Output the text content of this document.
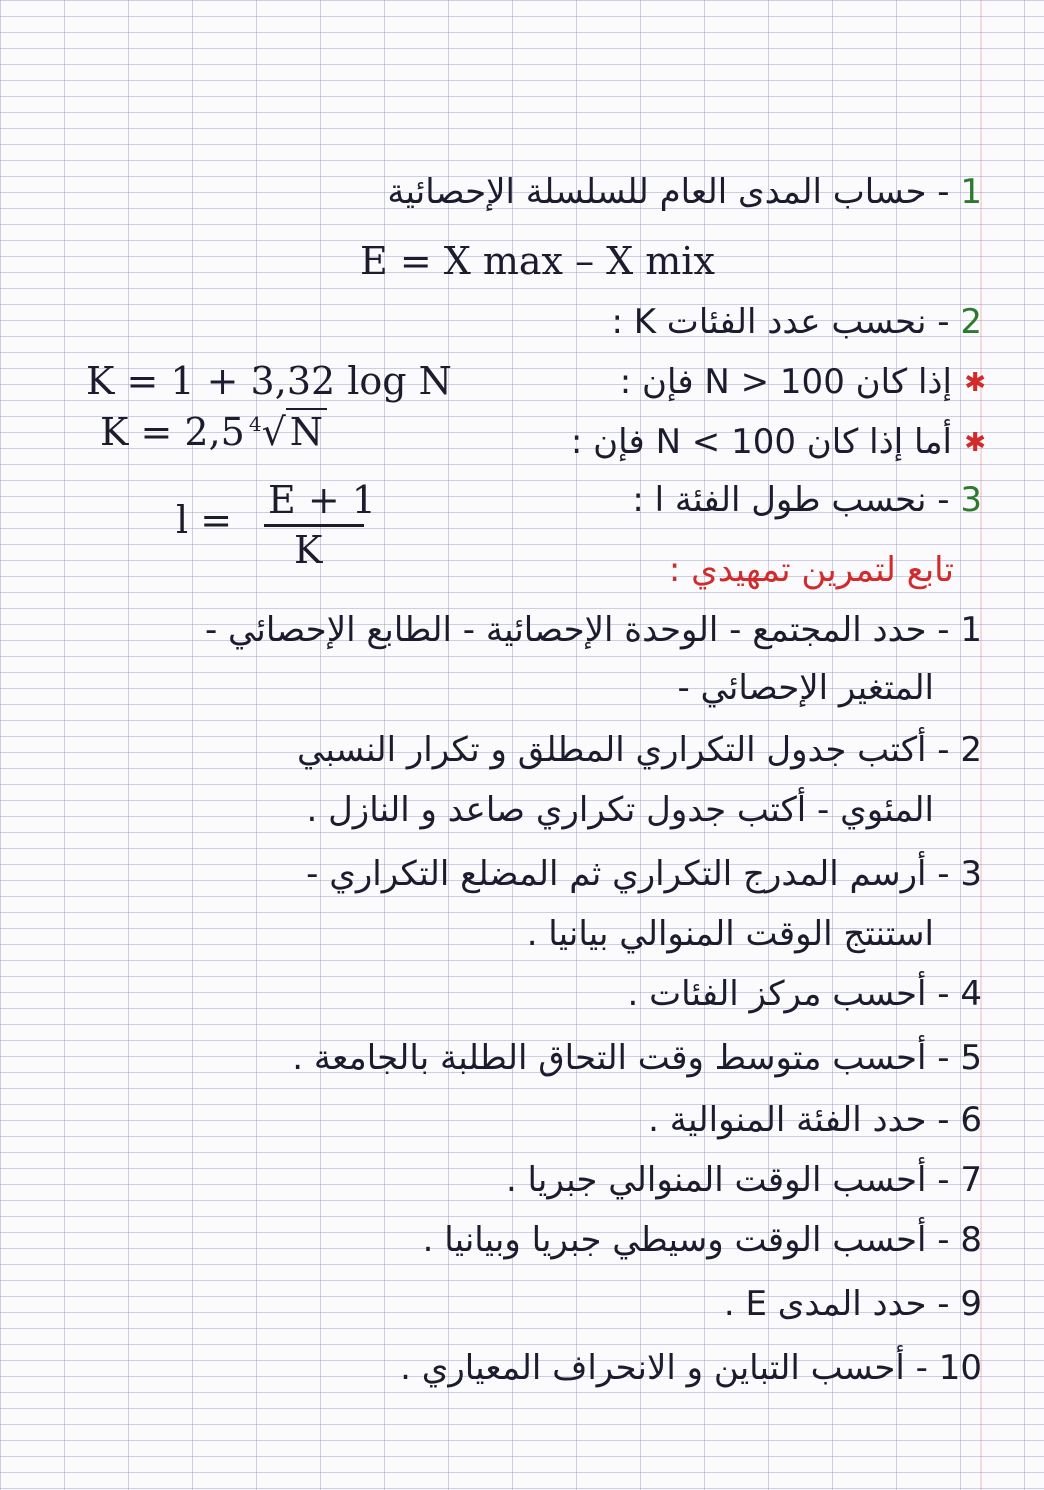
1 - حساب المدى العام للسلسلة الإحصائية
E = X max – X mix
2 - نحسب عدد الفئات K :
✱
إذا كان N > 100 فإن :
K = 1 + 3,32 log N
✱
أما إذا كان N < 100 فإن :
K = 2,5 $^4$√ N
3 - نحسب طول الفئة l :
l = E + 1
K	تابع لتمرين تمهيدي :
1 - حدد المجتمع - الوحدة الإحصائية - الطابع الإحصائي -
المتغير الإحصائي -
2 - أكتب جدول التكراري المطلق و تكرار النسبي
المئوي - أكتب جدول تكراري صاعد و النازل .
3 - أرسم المدرج التكراري ثم المضلع التكراري -
استنتج الوقت المنوالي بيانيا .
4 - أحسب مركز الفئات .
5 - أحسب متوسط وقت التحاق الطلبة بالجامعة .
6 - حدد الفئة المنوالية .
7 - أحسب الوقت المنوالي جبريا .
8 - أحسب الوقت وسيطي جبريا وبيانيا .
9 - حدد المدى E .
10 - أحسب التباين و الانحراف المعياري .
